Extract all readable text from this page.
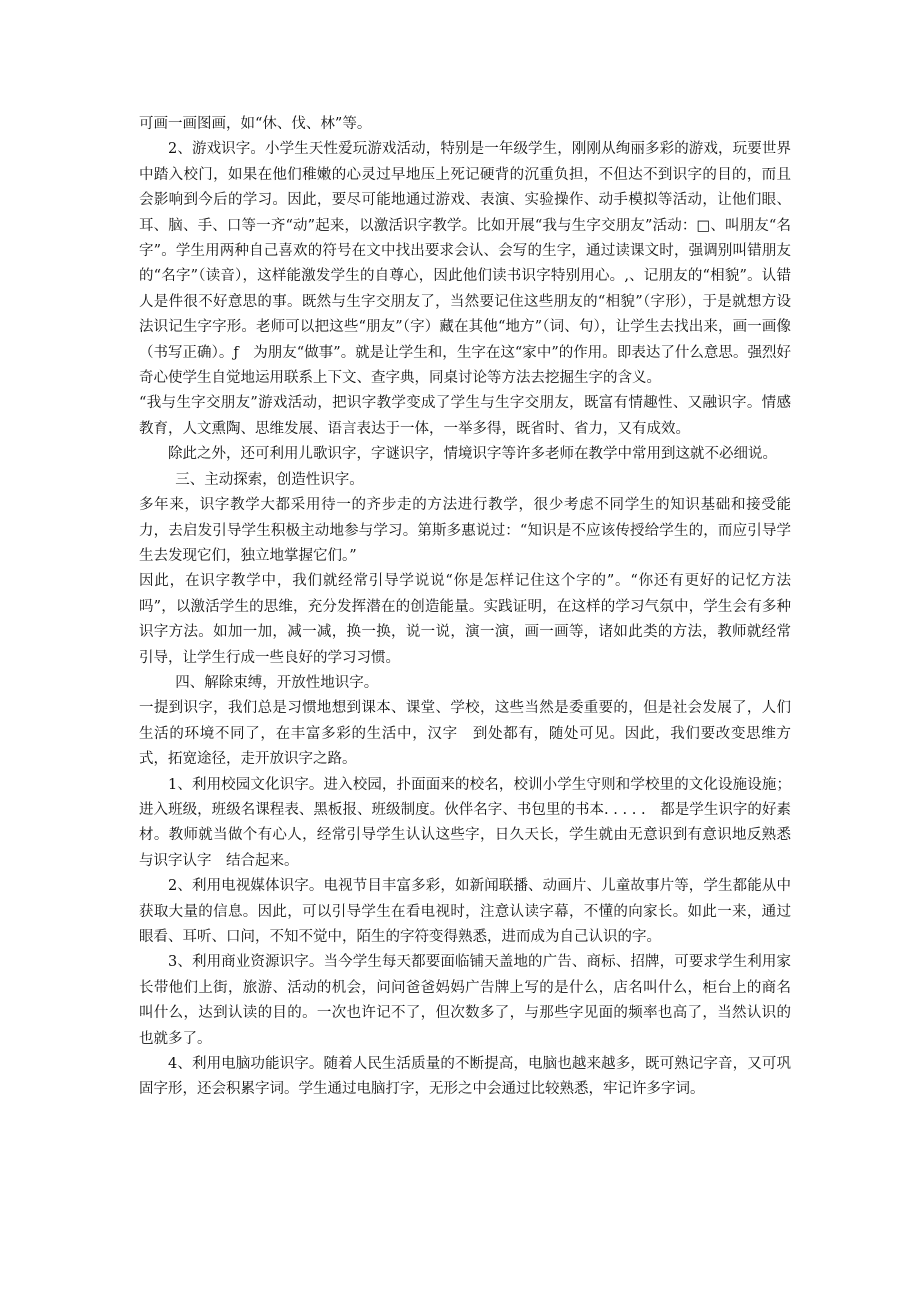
可画一画图画，如“休、伐、林”等。

2、游戏识字。小学生天性爱玩游戏活动，特别是一年级学生，刚刚从绚丽多彩的游戏，玩要世界中踏入校门，如果在他们稚嫩的心灵过早地压上死记硬背的沉重负担，不但达不到识字的目的，而且会影响到今后的学习。因此，要尽可能地通过游戏、表演、实验操作、动手模拟等活动，让他们眼、耳、脑、手、口等一齐“动”起来，以激活识字教学。比如开展“我与生字交朋友”活动：□、叫朋友“名字”。学生用两种自己喜欢的符号在文中找出要求会认、会写的生字，通过读课文时，强调别叫错朋友的“名字”（读音），这样能激发学生的自尊心，因此他们读书识字特别用心。,、记朋友的“相貌”。认错人是件很不好意思的事。既然与生字交朋友了，当然要记住这些朋友的“相貌”（字形），于是就想方设法识记生字字形。老师可以把这些“朋友”（字）藏在其他“地方”（词、句），让学生去找出来，画一画像（书写正确）。ƒ　为朋友“做事”。就是让学生和，生字在这“家中”的作用。即表达了什么意思。强烈好奇心使学生自觉地运用联系上下文、查字典，同桌讨论等方法去挖掘生字的含义。

“我与生字交朋友”游戏活动，把识字教学变成了学生与生字交朋友，既富有情趣性、又融识字。情感教育，人文熏陶、思维发展、语言表达于一体，一举多得，既省时、省力，又有成效。

除此之外，还可利用儿歌识字，字谜识字，情境识字等许多老师在教学中常用到这就不必细说。

三、主动探索，创造性识字。

多年来，识字教学大都采用待一的齐步走的方法进行教学，很少考虑不同学生的知识基础和接受能力，去启发引导学生积极主动地参与学习。第斯多惠说过：“知识是不应该传授给学生的，而应引导学生去发现它们，独立地掌握它们。”

因此，在识字教学中，我们就经常引导学说说“你是怎样记住这个字的”。“你还有更好的记忆方法吗”，以激活学生的思维，充分发挥潜在的创造能量。实践证明，在这样的学习气氛中，学生会有多种识字方法。如加一加，减一减，换一换，说一说，演一演，画一画等，诸如此类的方法，教师就经常引导，让学生行成一些良好的学习习惯。

四、解除束缚，开放性地识字。

一提到识字，我们总是习惯地想到课本、课堂、学校，这些当然是委重要的，但是社会发展了，人们生活的环境不同了，在丰富多彩的生活中，汉字　到处都有，随处可见。因此，我们要改变思维方式，拓宽途径，走开放识字之路。

1、利用校园文化识字。进入校园，扑面面来的校名，校训小学生守则和学校里的文化设施设施；进入班级，班级名课程表、黑板报、班级制度。伙伴名字、书包里的书本. . . . .　都是学生识字的好素材。教师就当做个有心人，经常引导学生认认这些字，日久天长，学生就由无意识到有意识地反熟悉与识字认字　结合起来。

2、利用电视媒体识字。电视节目丰富多彩，如新闻联播、动画片、儿童故事片等，学生都能从中获取大量的信息。因此，可以引导学生在看电视时，注意认读字幕，不懂的向家长。如此一来，通过眼看、耳听、口问，不知不觉中，陌生的字符变得熟悉，进而成为自己认识的字。

3、利用商业资源识字。当今学生每天都要面临铺天盖地的广告、商标、招牌，可要求学生利用家长带他们上街，旅游、活动的机会，问问爸爸妈妈广告牌上写的是什么，店名叫什么，柜台上的商名叫什么，达到认读的目的。一次也许记不了，但次数多了，与那些字见面的频率也高了，当然认识的也就多了。

4、利用电脑功能识字。随着人民生活质量的不断提高，电脑也越来越多，既可熟记字音，又可巩固字形，还会积累字词。学生通过电脑打字，无形之中会通过比较熟悉，牢记许多字词。
